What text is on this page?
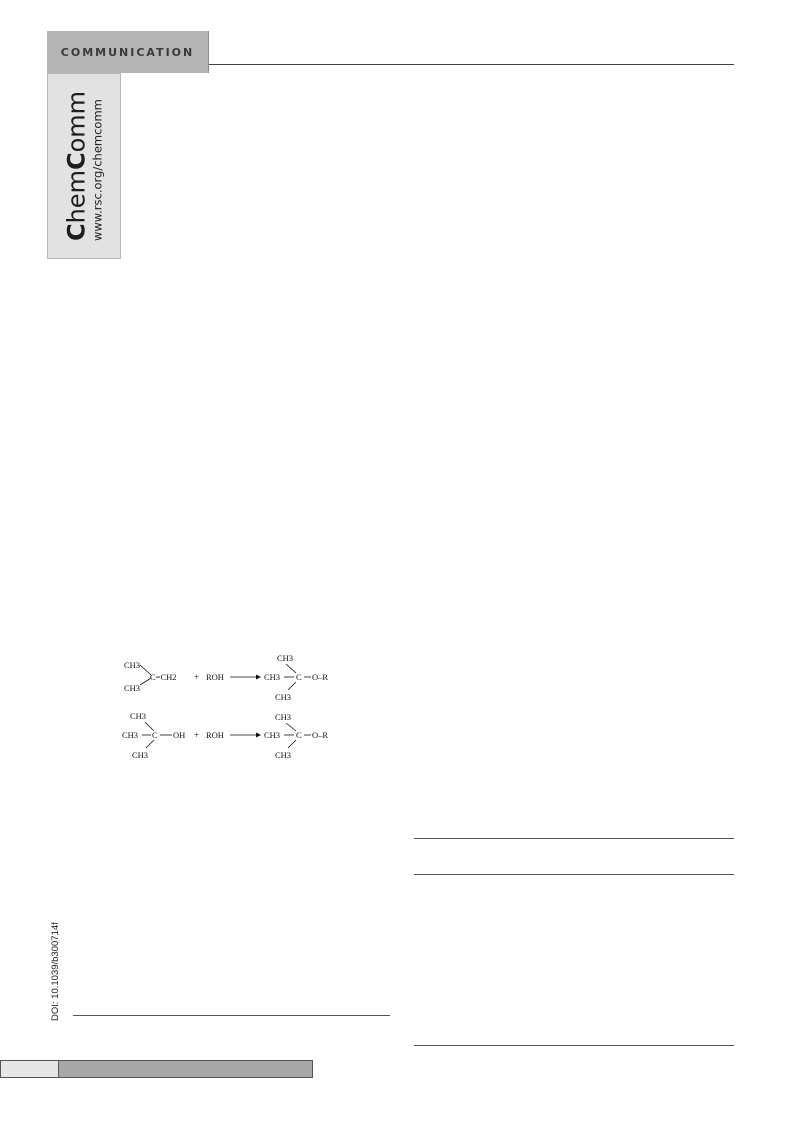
COMMUNICATION
ChemComm www.rsc.org/chemcomm
CH3
CH3
C=CH2 + ROH
CH3
CH3 C O–R
CH3
CH3
CH3 C OH
CH3
+ ROH
CH3
CH3 C O–R
CH3
DOI: 10.1039/b300714f
